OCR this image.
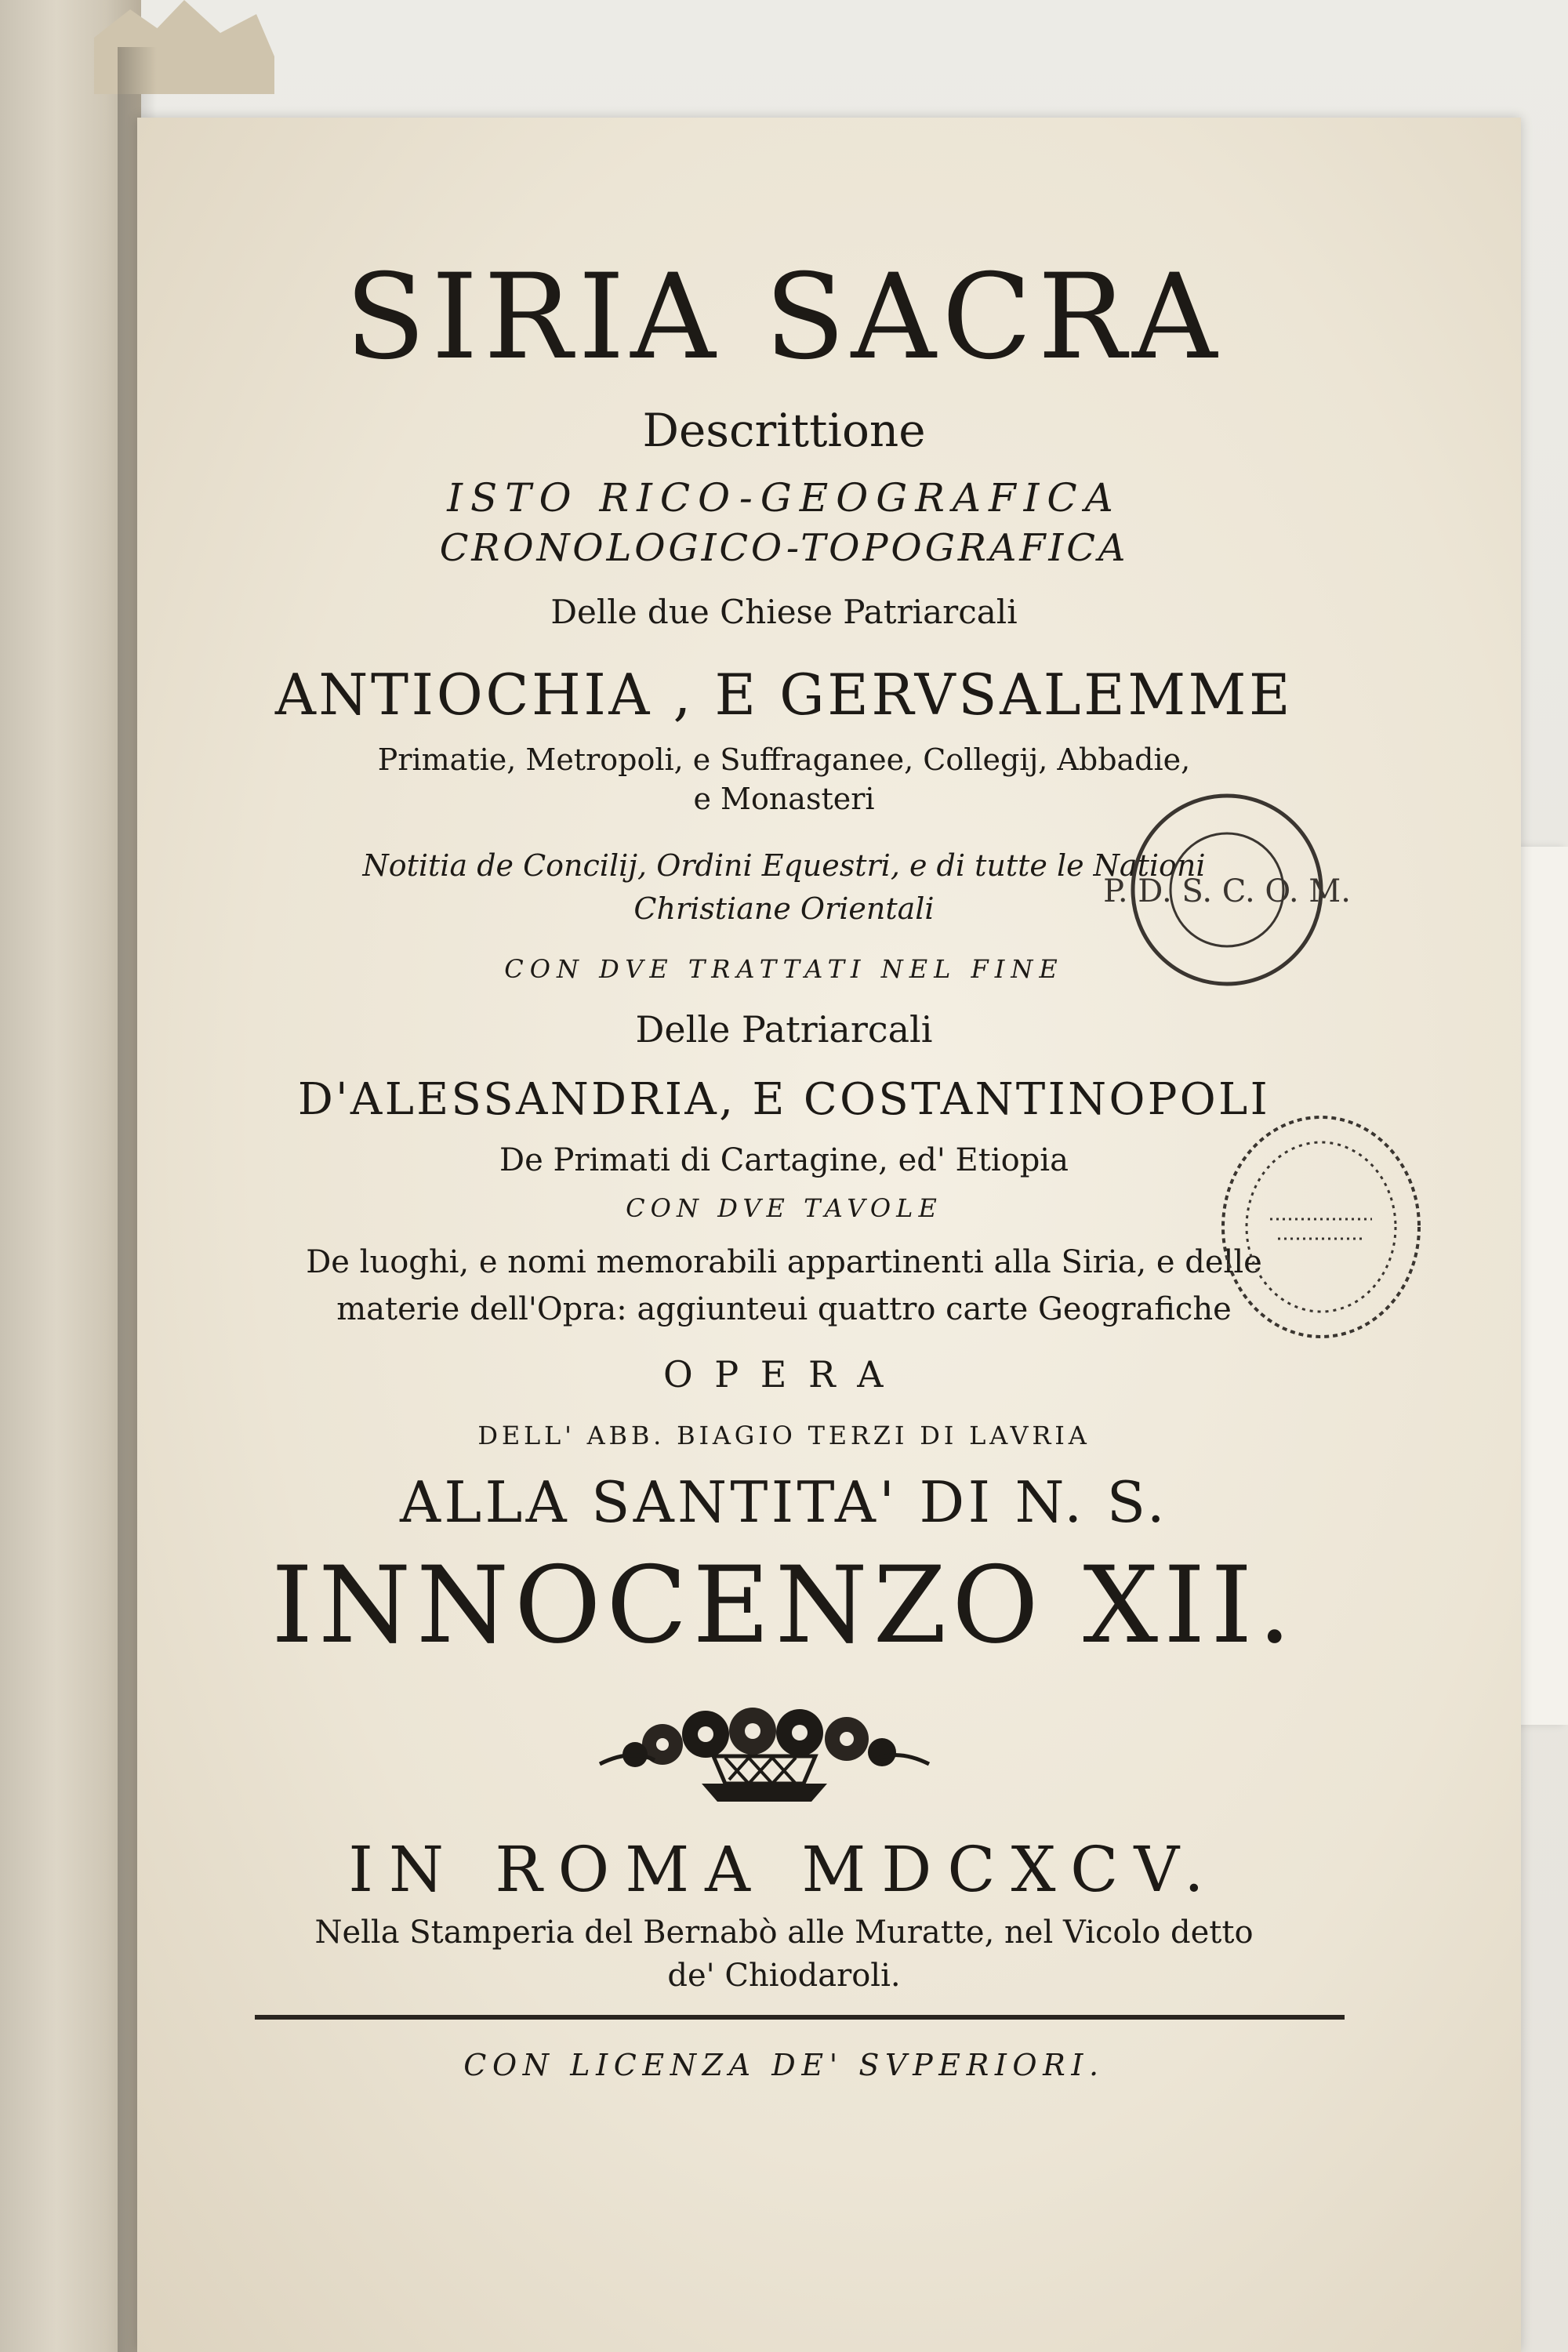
SIRIA SACRA
Descrittione
ISTO RICO-GEOGRAFICA
CRONOLOGICO-TOPOGRAFICA
Delle due Chiese Patriarcali
ANTIOCHIA , E GERVSALEMME
Primatie, Metropoli, e Suffraganee, Collegij, Abbadie,
e Monasteri
Notitia de Concilij, Ordini Equestri, e di tutte le Nationi
Christiane Orientali
CON DVE TRATTATI NEL FINE
Delle Patriarcali
D'ALESSANDRIA, E COSTANTINOPOLI
De Primati di Cartagine, ed' Etiopia
CON DVE TAVOLE
De luoghi, e nomi memorabili appartinenti alla Siria, e delle
materie dell'Opra: aggiunteui quattro carte Geografiche
OPERA
DELL' ABB. BIAGIO TERZI DI LAVRIA
ALLA SANTITA' DI N. S.
INNOCENZO XII.
IN ROMA MDCXCV.
Nella Stamperia del Bernabò alle Muratte, nel Vicolo detto
de' Chiodaroli.
CON LICENZA DE' SVPERIORI.
P. D. S. C. O. M.
